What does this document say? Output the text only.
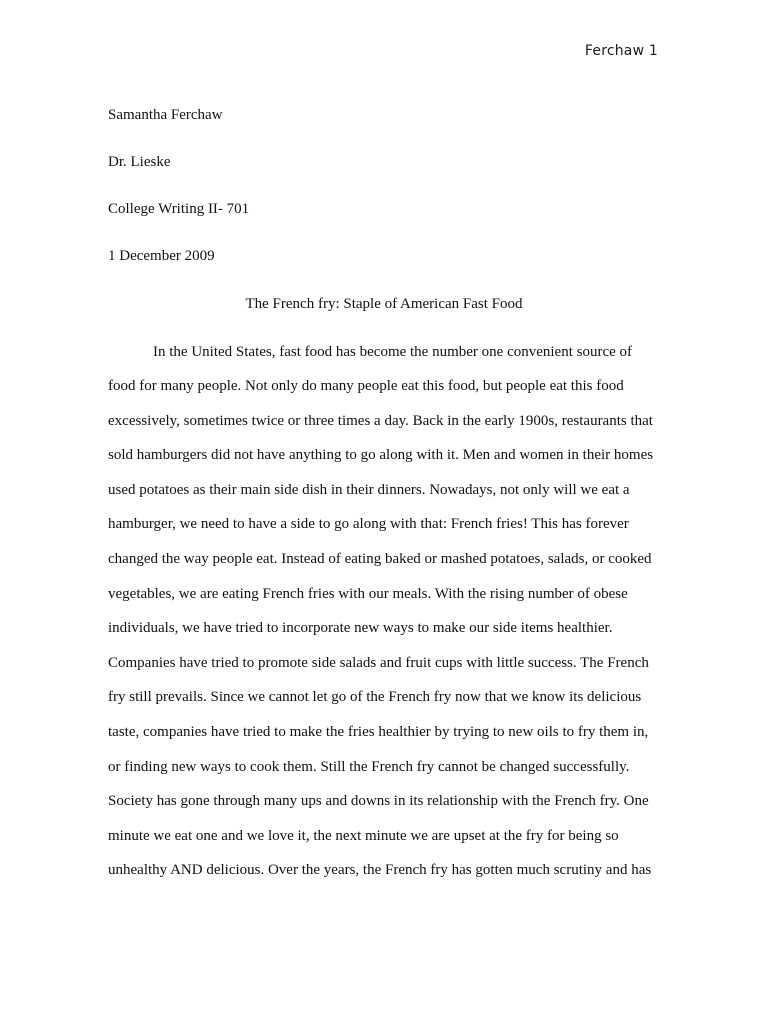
Ferchaw 1
Samantha Ferchaw
Dr. Lieske
College Writing II- 701
1 December 2009
The French fry: Staple of American Fast Food
In the United States, fast food has become the number one convenient source of
food for many people. Not only do many people eat this food, but people eat this food
excessively, sometimes twice or three times a day. Back in the early 1900s, restaurants that
sold hamburgers did not have anything to go along with it. Men and women in their homes
used potatoes as their main side dish in their dinners. Nowadays, not only will we eat a
hamburger, we need to have a side to go along with that: French fries! This has forever
changed the way people eat. Instead of eating baked or mashed potatoes, salads, or cooked
vegetables, we are eating French fries with our meals. With the rising number of obese
individuals, we have tried to incorporate new ways to make our side items healthier.
Companies have tried to promote side salads and fruit cups with little success. The French
fry still prevails. Since we cannot let go of the French fry now that we know its delicious
taste, companies have tried to make the fries healthier by trying to new oils to fry them in,
or finding new ways to cook them. Still the French fry cannot be changed successfully.
Society has gone through many ups and downs in its relationship with the French fry. One
minute we eat one and we love it, the next minute we are upset at the fry for being so
unhealthy AND delicious. Over the years, the French fry has gotten much scrutiny and has
